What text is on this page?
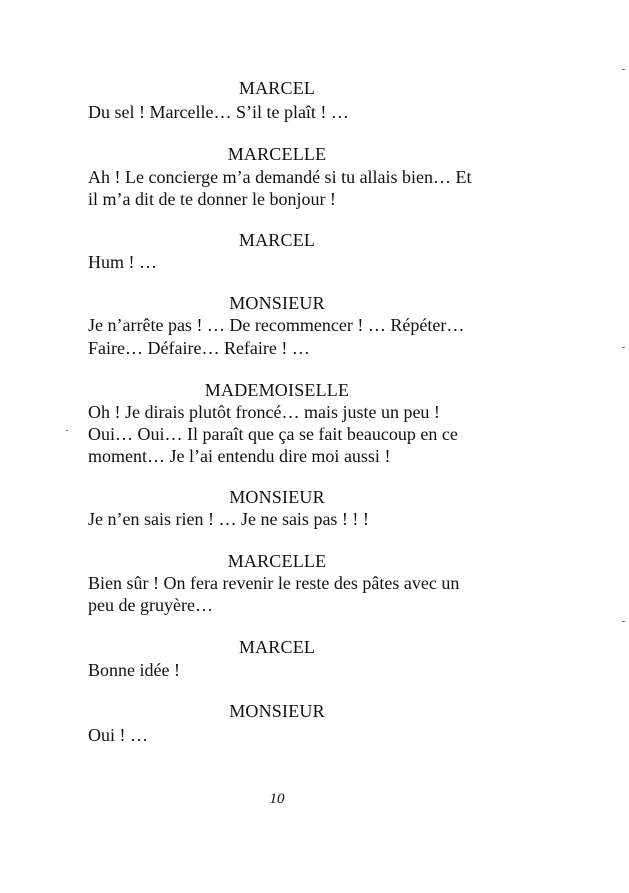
MARCEL
Du sel ! Marcelle… S’il te plaît ! …
MARCELLE
Ah ! Le concierge m’a demandé si tu allais bien… Et
il m’a dit de te donner le bonjour !
MARCEL
Hum ! …
MONSIEUR
Je n’arrête pas ! … De recommencer ! … Répéter…
Faire… Défaire… Refaire ! …
MADEMOISELLE
Oh ! Je dirais plutôt froncé… mais juste un peu !
Oui… Oui… Il paraît que ça se fait beaucoup en ce
moment… Je l’ai entendu dire moi aussi !
MONSIEUR
Je n’en sais rien ! … Je ne sais pas ! ! !
MARCELLE
Bien sûr ! On fera revenir le reste des pâtes avec un
peu de gruyère…
MARCEL
Bonne idée !
MONSIEUR
Oui ! …
10
